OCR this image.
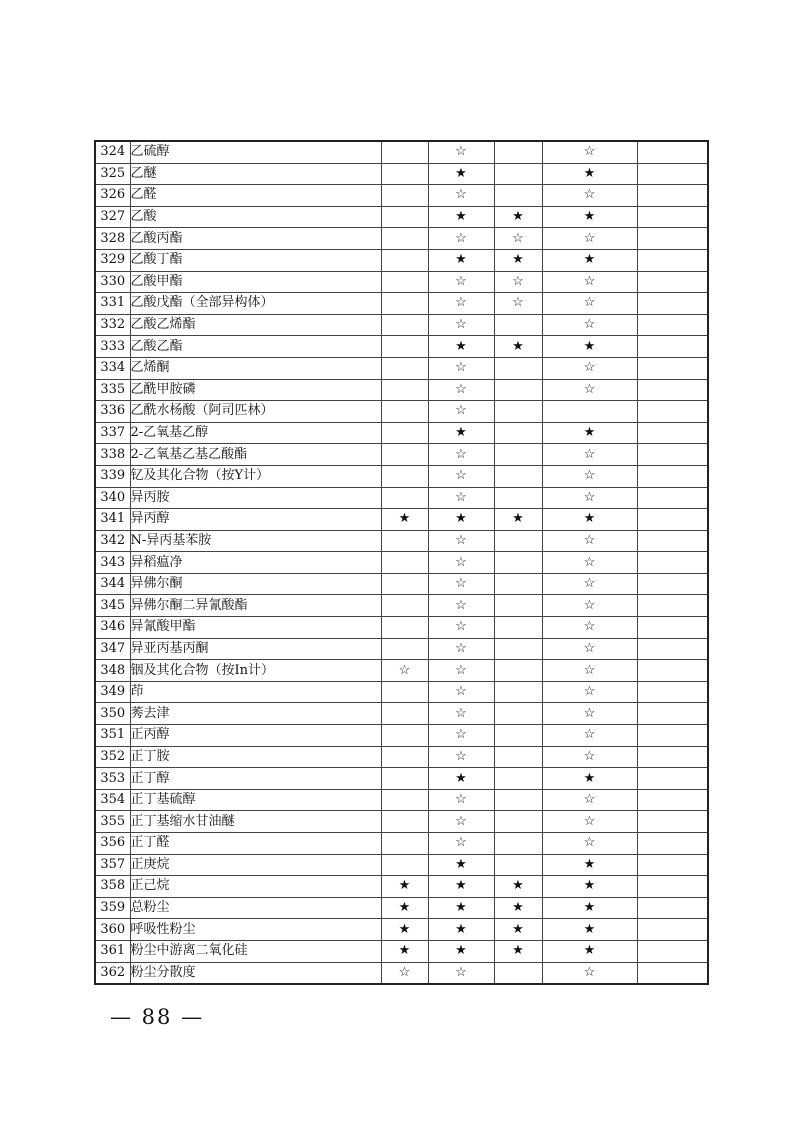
324	乙硫醇		☆		☆	
325	乙醚		★		★	
326	乙醛		☆		☆	
327	乙酸		★	★	★	
328	乙酸丙酯		☆	☆	☆	
329	乙酸丁酯		★	★	★	
330	乙酸甲酯		☆	☆	☆	
331	乙酸戊酯（全部异构体）		☆	☆	☆	
332	乙酸乙烯酯		☆		☆	
333	乙酸乙酯		★	★	★	
334	乙烯酮		☆		☆	
335	乙酰甲胺磷		☆		☆	
336	乙酰水杨酸（阿司匹林）		☆			
337	2-乙氧基乙醇		★		★	
338	2-乙氧基乙基乙酸酯		☆		☆	
339	钇及其化合物（按Y计）		☆		☆	
340	异丙胺		☆		☆	
341	异丙醇	★	★	★	★	
342	N-异丙基苯胺		☆		☆	
343	异稻瘟净		☆		☆	
344	异佛尔酮		☆		☆	
345	异佛尔酮二异氰酸酯		☆		☆	
346	异氰酸甲酯		☆		☆	
347	异亚丙基丙酮		☆		☆	
348	铟及其化合物（按In计）	☆	☆		☆	
349	茚		☆		☆	
350	莠去津		☆		☆	
351	正丙醇		☆		☆	
352	正丁胺		☆		☆	
353	正丁醇		★		★	
354	正丁基硫醇		☆		☆	
355	正丁基缩水甘油醚		☆		☆	
356	正丁醛		☆		☆	
357	正庚烷		★		★	
358	正己烷	★	★	★	★	
359	总粉尘	★	★	★	★	
360	呼吸性粉尘	★	★	★	★	
361	粉尘中游离二氧化硅	★	★	★	★	
362	粉尘分散度	☆	☆		☆	
— 88 —
